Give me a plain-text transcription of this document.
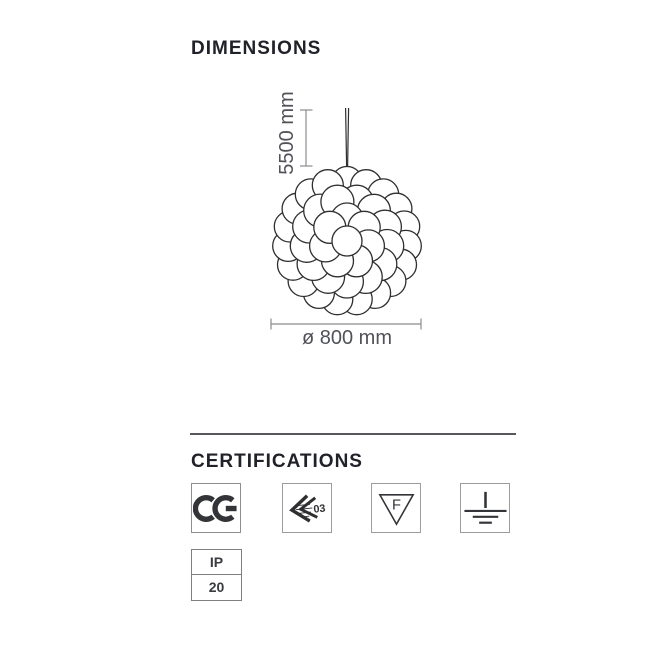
DIMENSIONS
5500 mm
ø 800 mm
CERTIFICATIONS
03	F
IP
20
